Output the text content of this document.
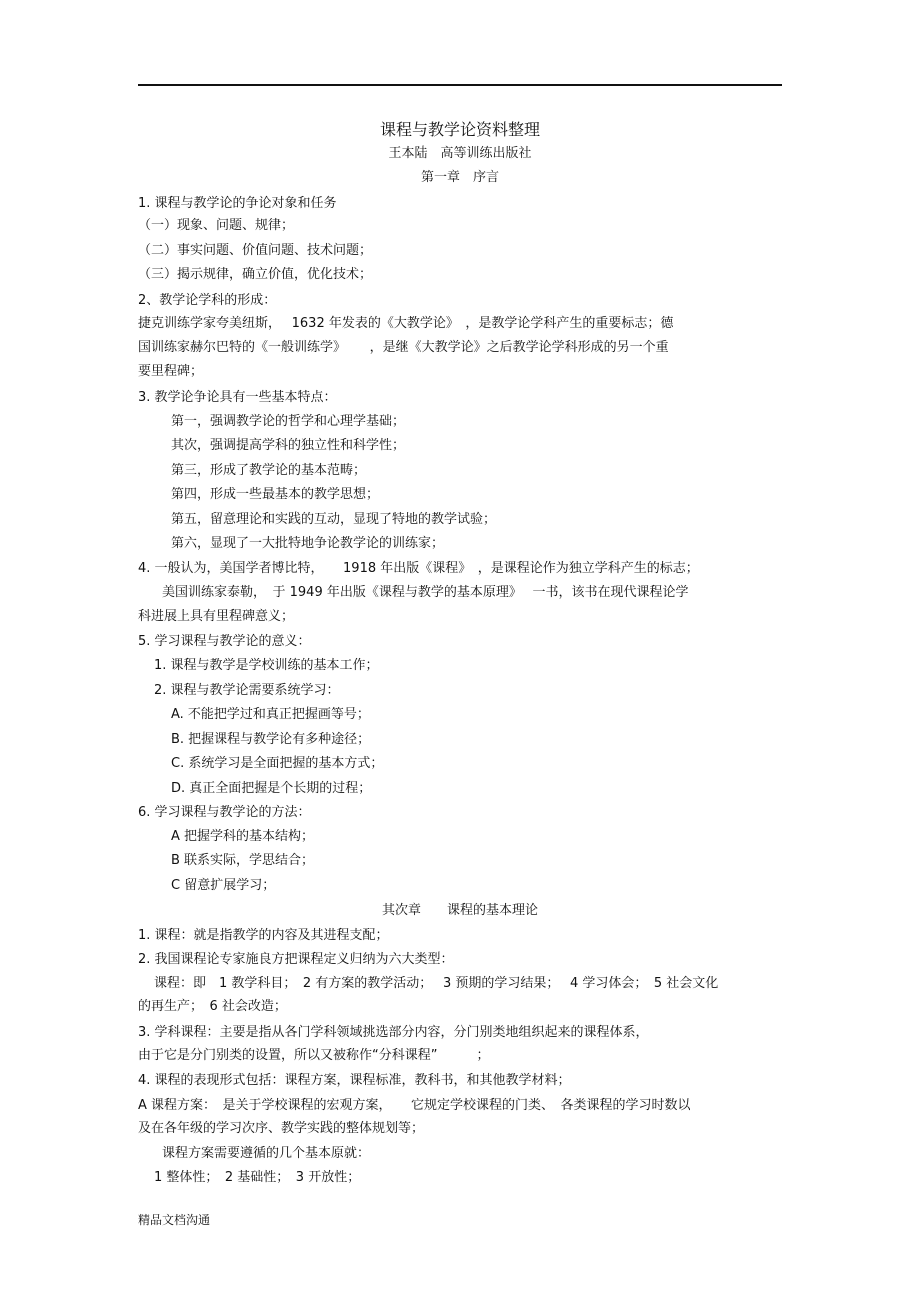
课程与教学论资料整理
王本陆　高等训练出版社
第一章　序言
1. 课程与教学论的争论对象和任务
（一）现象、问题、规律；
（二）事实问题、价值问题、技术问题；
（三）揭示规律，确立价值，优化技术；
2、教学论学科的形成：
捷克训练学家夸美纽斯，　 1632 年发表的《大教学论》　，是教学论学科产生的重要标志；德
国训练家赫尔巴特的《一般训练学》　　 ，是继《大教学论》之后教学论学科形成的另一个重
要里程碑；
3. 教学论争论具有一些基本特点：
第一，强调教学论的哲学和心理学基础；
其次，强调提高学科的独立性和科学性；
第三，形成了教学论的基本范畴；
第四，形成一些最基本的教学思想；
第五，留意理论和实践的互动，显现了特地的教学试验；
第六，显现了一大批特地争论教学论的训练家；
4. 一般认为，美国学者博比特，　　1918 年出版《课程》　，是课程论作为独立学科产生的标志；
美国训练家泰勒，　于 1949 年出版《课程与教学的基本原理》　 一书，该书在现代课程论学
科进展上具有里程碑意义；
5. 学习课程与教学论的意义：
1. 课程与教学是学校训练的基本工作；
2. 课程与教学论需要系统学习：
A. 不能把学过和真正把握画等号；
B. 把握课程与教学论有多种途径；
C. 系统学习是全面把握的基本方式；
D. 真正全面把握是个长期的过程；
6. 学习课程与教学论的方法：
A 把握学科的基本结构；
B 联系实际，学思结合；
C 留意扩展学习；
其次章　　课程的基本理论
1. 课程：就是指教学的内容及其进程支配；
2. 我国课程论专家施良方把课程定义归纳为六大类型：
课程：即　1 教学科目；　2 有方案的教学活动；　 3 预期的学习结果；　 4 学习体会；　5 社会文化
的再生产；　6 社会改造；
3. 学科课程：主要是指从各门学科领域挑选部分内容，分门别类地组织起来的课程体系，
由于它是分门别类的设置，所以又被称作“分科课程”　　　；
4. 课程的表现形式包括：课程方案，课程标准，教科书，和其他教学材料；
A 课程方案：　是关于学校课程的宏观方案，　　它规定学校课程的门类、　各类课程的学习时数以
及在各年级的学习次序、教学实践的整体规划等；
课程方案需要遵循的几个基本原就：
1 整体性；　2 基础性；　3 开放性；
精品文档沟通
